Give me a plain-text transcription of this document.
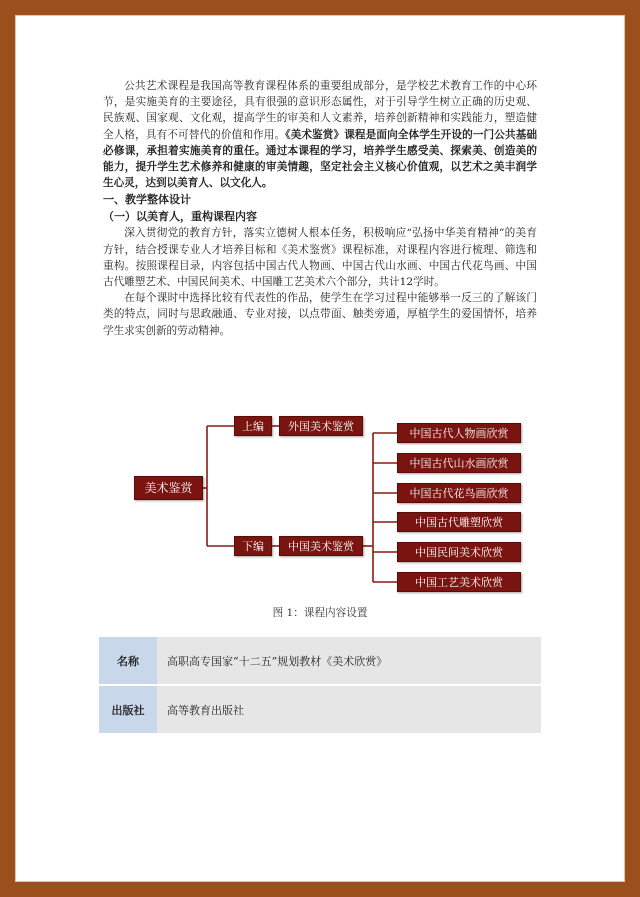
公共艺术课程是我国高等教育课程体系的重要组成部分，是学校艺术教育工作的中心环节，是实施美育的主要途径，具有很强的意识形态属性，对于引导学生树立正确的历史观、民族观、国家观、文化观，提高学生的审美和人文素养，培养创新精神和实践能力，塑造健全人格，具有不可替代的价值和作用。《美术鉴赏》课程是面向全体学生开设的一门公共基础必修课，承担着实施美育的重任。通过本课程的学习，培养学生感受美、探索美、创造美的能力，提升学生艺术修养和健康的审美情趣，坚定社会主义核心价值观，以艺术之美丰润学生心灵，达到以美育人、以文化人。

一、教学整体设计

（一）以美育人，重构课程内容

深入贯彻党的教育方针，落实立德树人根本任务，积极响应“弘扬中华美育精神”的美育方针，结合授课专业人才培养目标和《美术鉴赏》课程标准，对课程内容进行梳理、筛选和重构。按照课程目录，内容包括中国古代人物画、中国古代山水画、中国古代花鸟画、中国古代雕塑艺术、中国民间美术、中国雕工艺美术六个部分，共计12学时。

在每个课时中选择比较有代表性的作品，使学生在学习过程中能够举一反三的了解该门类的特点，同时与思政融通、专业对接，以点带面、触类旁通，厚植学生的爱国情怀，培养学生求实创新的劳动精神。

美术鉴赏
上编	外国美术鉴赏
下编	中国美术鉴赏
中国古代人物画欣赏
中国古代山水画欣赏
中国古代花鸟画欣赏
中国古代雕塑欣赏
中国民间美术欣赏
中国工艺美术欣赏
图 1：课程内容设置
名称	高职高专国家“十二五”规划教材《美术欣赏》

出版社	高等教育出版社
